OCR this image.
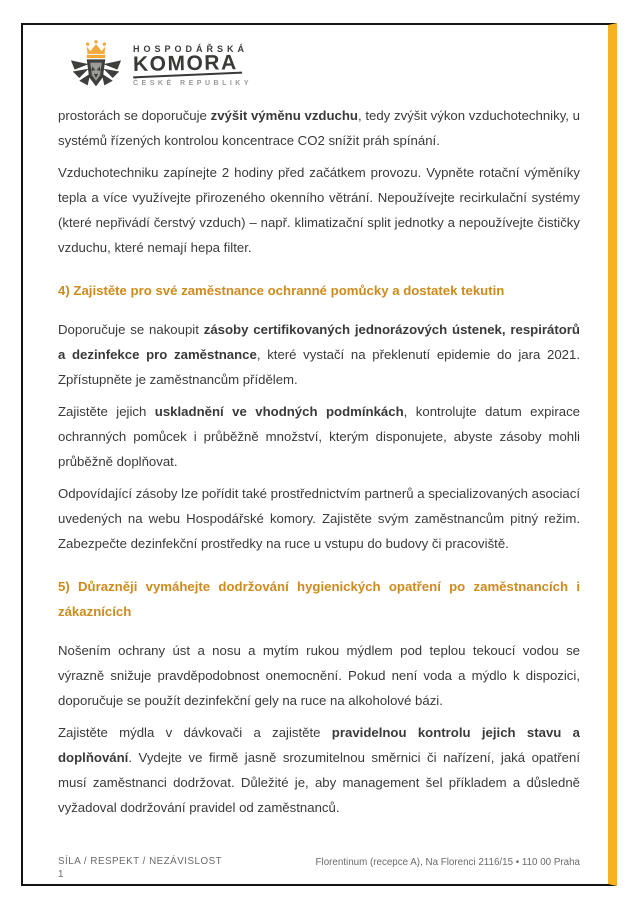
HOSPODÁŘSKÁ
KOMORA
ČESKÉ REPUBLIKY

prostorách se doporučuje zvýšit výměnu vzduchu, tedy zvýšit výkon vzduchotechniky, u systémů řízených kontrolou koncentrace CO2 snížit práh spínání.

Vzduchotechniku zapínejte 2 hodiny před začátkem provozu. Vypněte rotační výměníky tepla a více využívejte přirozeného okenního větrání. Nepoužívejte recirkulační systémy (které nepřivádí čerstvý vzduch) – např. klimatizační split jednotky a nepoužívejte čističky vzduchu, které nemají hepa filter.

4) Zajistěte pro své zaměstnance ochranné pomůcky a dostatek tekutin

Doporučuje se nakoupit zásoby certifikovaných jednorázových ústenek, respirátorů a dezinfekce pro zaměstnance, které vystačí na překlenutí epidemie do jara 2021. Zpřístupněte je zaměstnancům přídělem.

Zajistěte jejich uskladnění ve vhodných podmínkách, kontrolujte datum expirace ochranných pomůcek i průběžně množství, kterým disponujete, abyste zásoby mohli průběžně doplňovat.

Odpovídající zásoby lze pořídit také prostřednictvím partnerů a specializovaných asociací uvedených na webu Hospodářské komory. Zajistěte svým zaměstnancům pitný režim. Zabezpečte dezinfekční prostředky na ruce u vstupu do budovy či pracoviště.

5) Důrazněji vymáhejte dodržování hygienických opatření po zaměstnancích i zákaznících

Nošením ochrany úst a nosu a mytím rukou mýdlem pod teplou tekoucí vodou se výrazně snižuje pravděpodobnost onemocnění. Pokud není voda a mýdlo k dispozici, doporučuje se použít dezinfekční gely na ruce na alkoholové bázi.

Zajistěte mýdla v dávkovači a zajistěte pravidelnou kontrolu jejich stavu a doplňování. Vydejte ve firmě jasně srozumitelnou směrnici či nařízení, jaká opatření musí zaměstnanci dodržovat. Důležité je, aby management šel příkladem a důsledně vyžadoval dodržování pravidel od zaměstnanců.

SÍLA / RESPEKT / NEZÁVISLOST
1
Florentinum (recepce A), Na Florenci 2116/15 • 110 00 Praha
